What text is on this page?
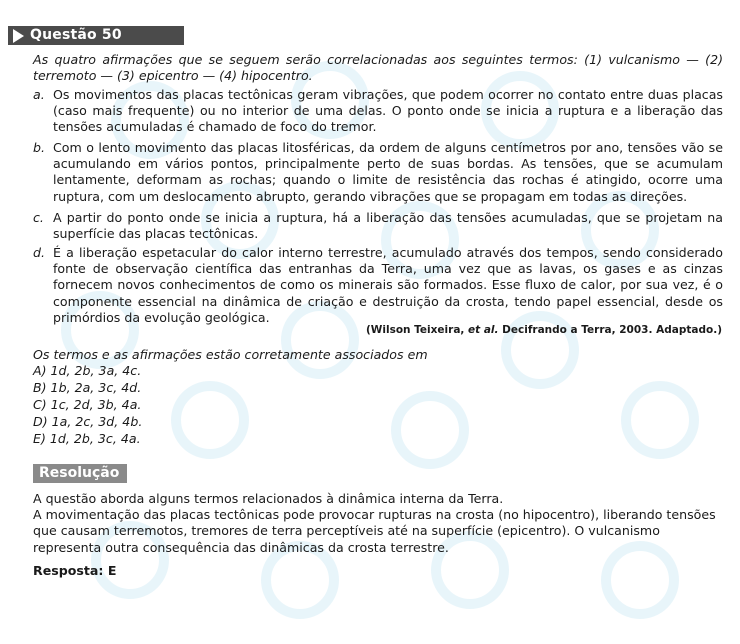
Questão 50
As quatro afirmações que se seguem serão correlacionadas aos seguintes termos: (1) vulcanismo — (2) terremoto — (3) epicentro — (4) hipocentro.
a. Os movimentos das placas tectônicas geram vibrações, que podem ocorrer no contato entre duas placas (caso mais frequente) ou no interior de uma delas. O ponto onde se inicia a ruptura e a liberação das tensões acumuladas é chamado de foco do tremor.
b. Com o lento movimento das placas litosféricas, da ordem de alguns centímetros por ano, tensões vão se acumulando em vários pontos, principalmente perto de suas bordas. As tensões, que se acumulam lentamente, deformam as rochas; quando o limite de resistência das rochas é atingido, ocorre uma ruptura, com um deslocamento abrupto, gerando vibrações que se propagam em todas as direções.
c. A partir do ponto onde se inicia a ruptura, há a liberação das tensões acumuladas, que se projetam na superfície das placas tectônicas.
d. É a liberação espetacular do calor interno terrestre, acumulado através dos tempos, sendo considerado fonte de observação científica das entranhas da Terra, uma vez que as lavas, os gases e as cinzas fornecem novos conhecimentos de como os minerais são formados. Esse fluxo de calor, por sua vez, é o componente essencial na dinâmica de criação e destruição da crosta, tendo papel essencial, desde os primórdios da evolução geológica.
(Wilson Teixeira, et al. Decifrando a Terra, 2003. Adaptado.)
Os termos e as afirmações estão corretamente associados em
A) 1d, 2b, 3a, 4c.
B) 1b, 2a, 3c, 4d.
C) 1c, 2d, 3b, 4a.
D) 1a, 2c, 3d, 4b.
E) 1d, 2b, 3c, 4a.
Resolução

A questão aborda alguns termos relacionados à dinâmica interna da Terra.

A movimentação das placas tectônicas pode provocar rupturas na crosta (no hipocentro), liberando tensões que causam terremotos, tremores de terra perceptíveis até na superfície (epicentro). O vulcanismo representa outra consequência das dinâmicas da crosta terrestre.

Resposta: E
